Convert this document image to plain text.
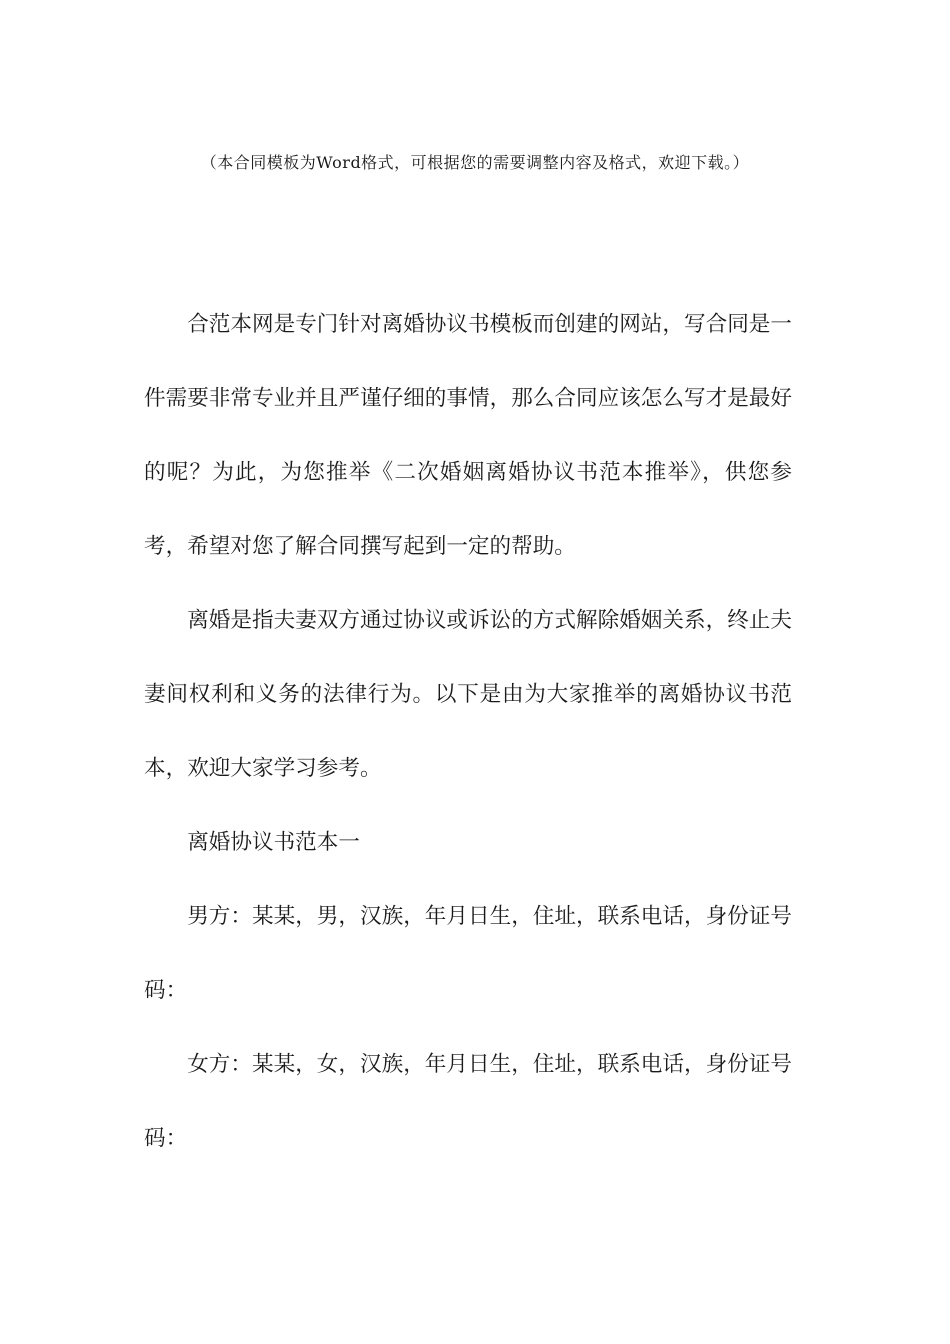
（本合同模板为Word格式，可根据您的需要调整内容及格式，欢迎下载。）

合范本网是专门针对离婚协议书模板而创建的网站，写合同是一件需要非常专业并且严谨仔细的事情，那么合同应该怎么写才是最好的呢？为此，为您推举《二次婚姻离婚协议书范本推举》，供您参考，希望对您了解合同撰写起到一定的帮助。

离婚是指夫妻双方通过协议或诉讼的方式解除婚姻关系，终止夫妻间权利和义务的法律行为。以下是由为大家推举的离婚协议书范本，欢迎大家学习参考。

离婚协议书范本一

男方：某某，男，汉族，年月日生，住址，联系电话，身份证号码：

女方：某某，女，汉族，年月日生，住址，联系电话，身份证号码：
